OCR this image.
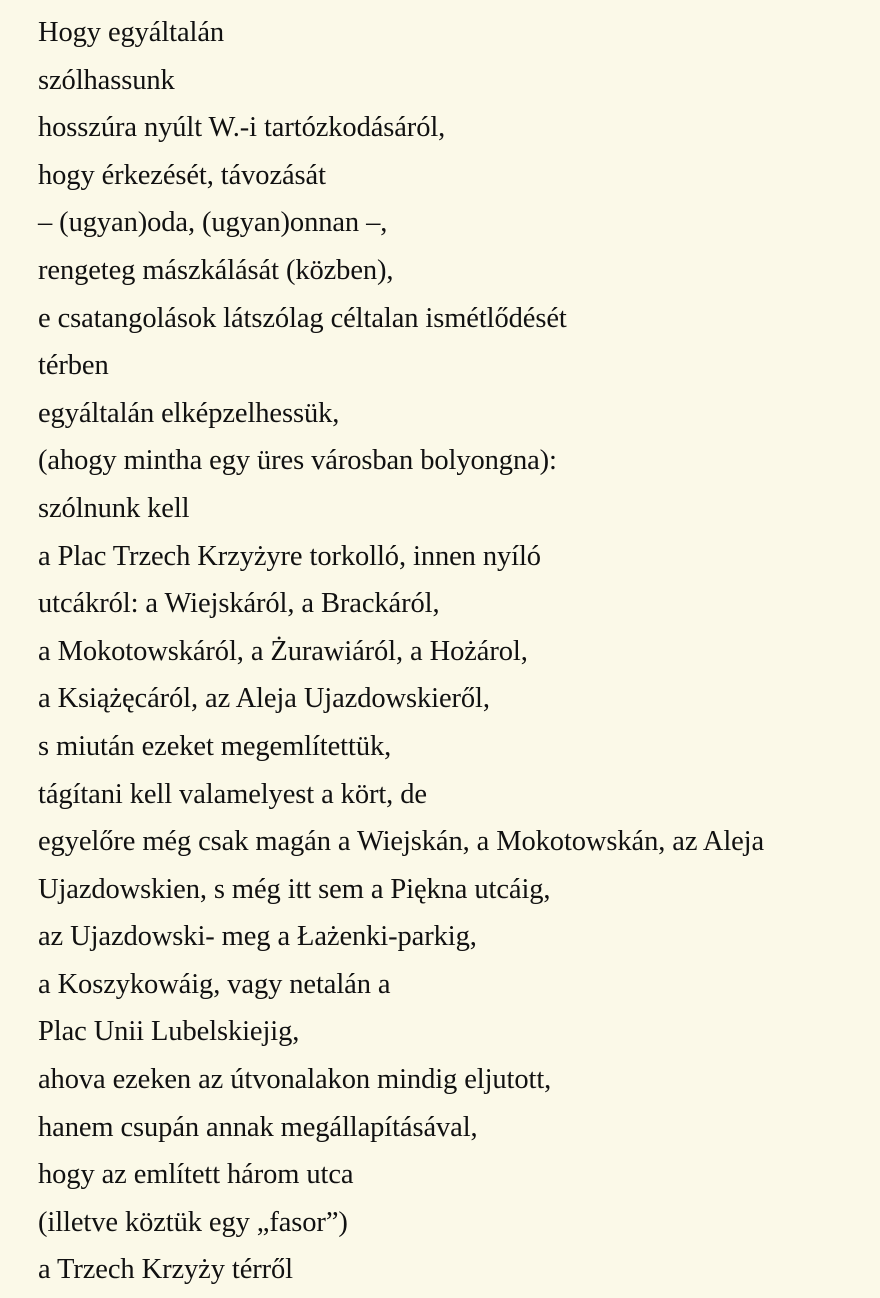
Hogy egyáltalán
szólhassunk
hosszúra nyúlt W.-i tartózkodásáról,
hogy érkezését, távozását
– (ugyan)oda, (ugyan)onnan –,
rengeteg mászkálását (közben),
e csatangolások látszólag céltalan ismétlődését
térben
egyáltalán elképzelhessük,
(ahogy mintha egy üres városban bolyongna):
szólnunk kell
a Plac Trzech Krzyżyre torkolló, innen nyíló
utcákról: a Wiejskáról, a Brackáról,
a Mokotowskáról, a Żurawiáról, a Hożárol,
a Książęcáról, az Aleja Ujazdowskieről,
s miután ezeket megemlítettük,
tágítani kell valamelyest a kört, de
egyelőre még csak magán a Wiejskán, a Mokotowskán, az Aleja
Ujazdowskien, s még itt sem a Piękna utcáig,
az Ujazdowski- meg a Łażenki-parkig,
a Koszykowáig, vagy netalán a
Plac Unii Lubelskiejig,
ahova ezeken az útvonalakon mindig eljutott,
hanem csupán annak megállapításával,
hogy az említett három utca
(illetve köztük egy „fasor”)
a Trzech Krzyży térről
